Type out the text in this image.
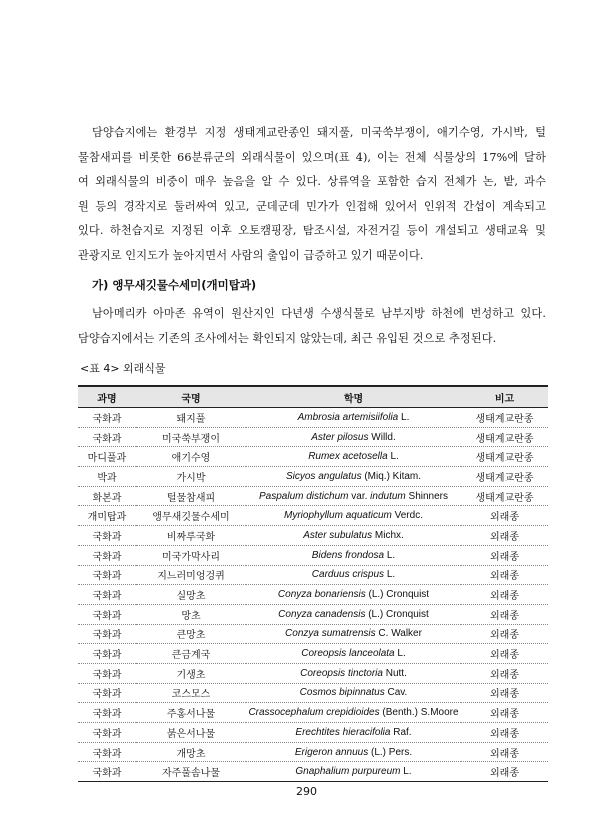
담양습지에는 환경부 지정 생태계교란종인 돼지풀, 미국쑥부쟁이, 애기수영, 가시박, 털
물참새피를 비롯한 66분류군의 외래식물이 있으며(표 4), 이는 전체 식물상의 17%에 달하
여 외래식물의 비중이 매우 높음을 알 수 있다. 상류역을 포함한 습지 전체가 논, 밭, 과수
원 등의 경작지로 둘러싸여 있고, 군데군데 민가가 인접해 있어서 인위적 간섭이 계속되고
있다. 하천습지로 지정된 이후 오토캠핑장, 탐조시설, 자전거길 등이 개설되고 생태교육 및
관광지로 인지도가 높아지면서 사람의 출입이 급증하고 있기 때문이다.
가) 앵무새깃물수세미(개미탑과)
남아메리카 아마존 유역이 원산지인 다년생 수생식물로 남부지방 하천에 번성하고 있다.
담양습지에서는 기존의 조사에서는 확인되지 않았는데, 최근 유입된 것으로 추정된다.
<표 4> 외래식물
과명	국명	학명	비고
국화과	돼지풀	Ambrosia artemisiifolia L.	생태계교란종
국화과	미국쑥부쟁이	Aster pilosus Willd.	생태계교란종
마디풀과	애기수영	Rumex acetosella L.	생태계교란종
박과	가시박	Sicyos angulatus (Miq.) Kitam.	생태계교란종
화본과	털물참새피	Paspalum distichum var. indutum Shinners	생태계교란종
개미탑과	앵무새깃물수세미	Myriophyllum aquaticum Verdc.	외래종
국화과	비짜루국화	Aster subulatus Michx.	외래종
국화과	미국가막사리	Bidens frondosa L.	외래종
국화과	지느러미엉겅퀴	Carduus crispus L.	외래종
국화과	실망초	Conyza bonariensis (L.) Cronquist	외래종
국화과	망초	Conyza canadensis (L.) Cronquist	외래종
국화과	큰망초	Conzya sumatrensis C. Walker	외래종
국화과	큰금계국	Coreopsis lanceolata L.	외래종
국화과	기생초	Coreopsis tinctoria Nutt.	외래종
국화과	코스모스	Cosmos bipinnatus Cav.	외래종
국화과	주홍서나물	Crassocephalum crepidioides (Benth.) S.Moore	외래종
국화과	붉은서나물	Erechtites hieracifolia Raf.	외래종
국화과	개망초	Erigeron annuus (L.) Pers.	외래종
국화과	자주풀솜나물	Gnaphalium purpureum L.	외래종
290
